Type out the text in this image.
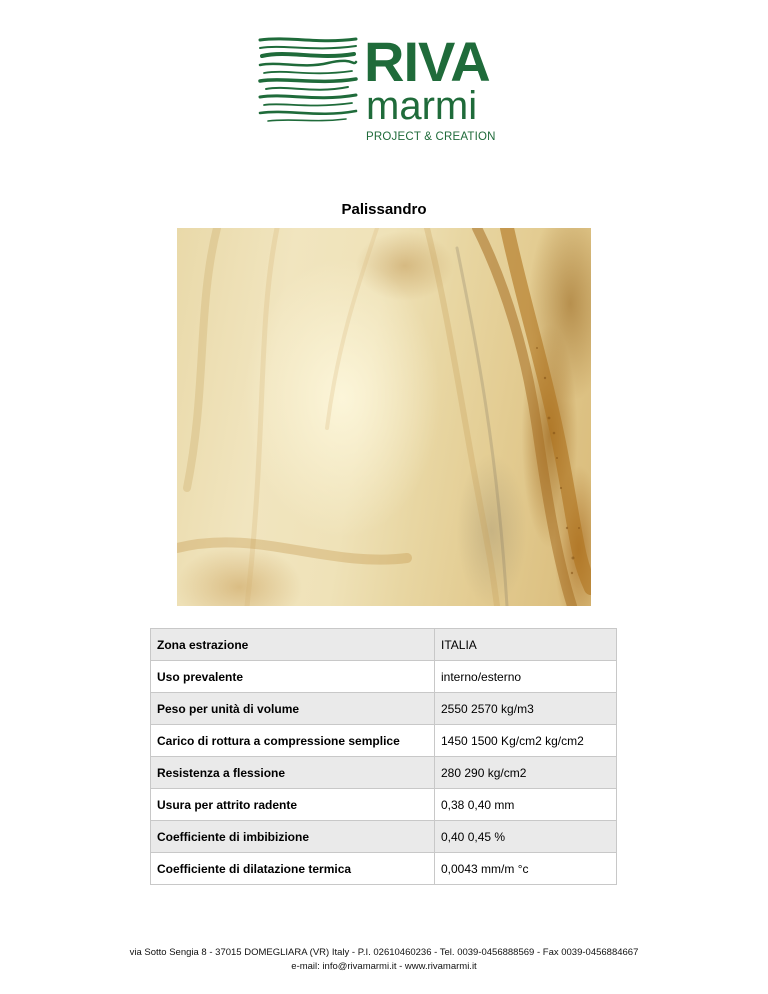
RIVA
marmi
PROJECT & CREATION
Palissandro
Zona estrazione	ITALIA
Uso prevalente	interno/esterno
Peso per unità di volume	2550 2570 kg/m3
Carico di rottura a compressione semplice	1450 1500 Kg/cm2 kg/cm2
Resistenza a flessione	280 290 kg/cm2
Usura per attrito radente	0,38 0,40 mm
Coefficiente di imbibizione	0,40 0,45 %
Coefficiente di dilatazione termica	0,0043 mm/m °c
via Sotto Sengia 8 - 37015 DOMEGLIARA (VR) Italy - P.I. 02610460236 - Tel. 0039-0456888569 - Fax 0039-0456884667
e-mail: info@rivamarmi.it - www.rivamarmi.it
